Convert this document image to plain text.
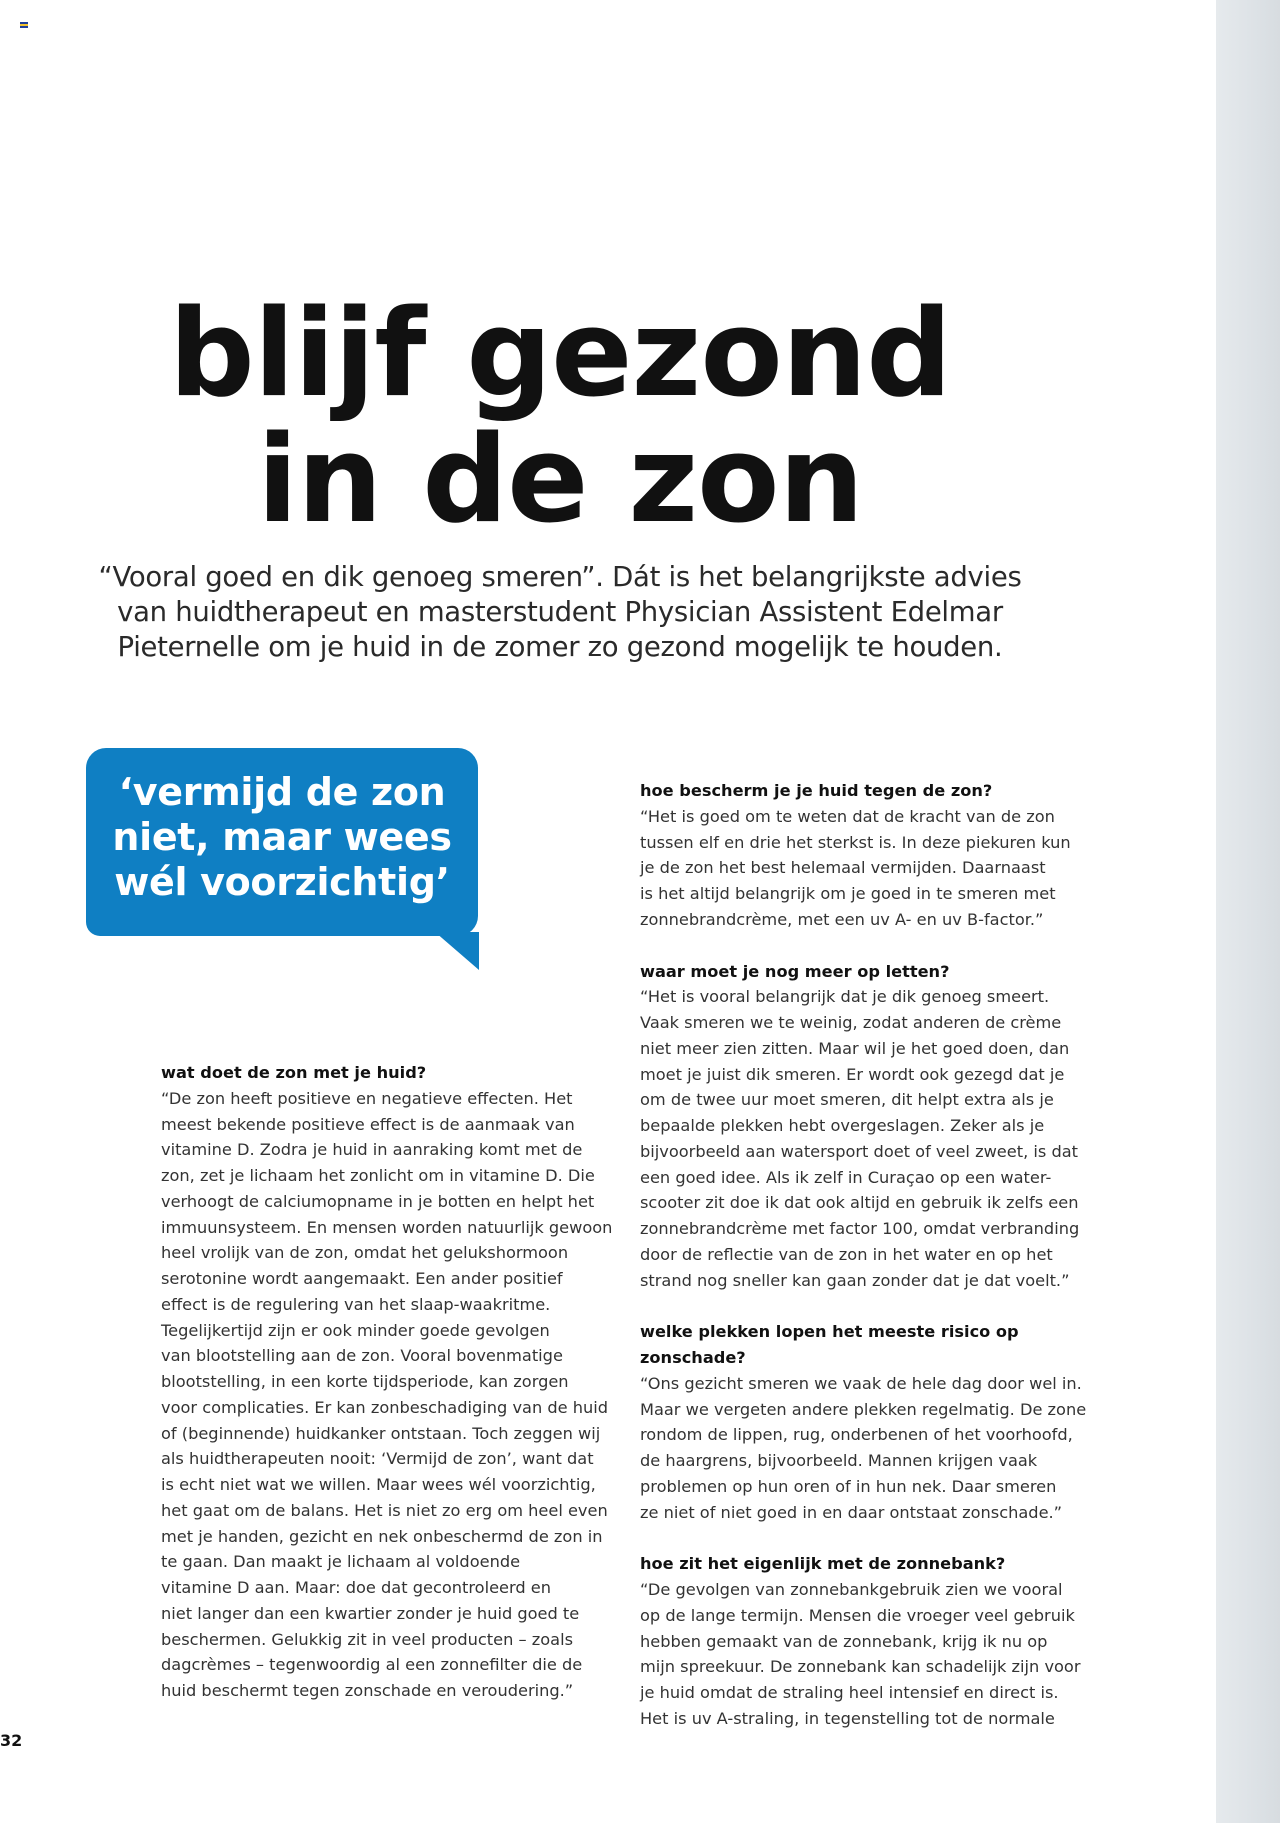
blijf gezond
in de zon

“Vooral goed en dik genoeg smeren”. Dát is het belangrijkste advies
van huidtherapeut en masterstudent Physician Assistent Edelmar
Pieternelle om je huid in de zomer zo gezond mogelijk te houden.

‘vermijd de zon
niet, maar wees
wél voorzichtig’

wat doet de zon met je huid?

“De zon heeft positieve en negatieve effecten. Het
meest bekende positieve effect is de aanmaak van
vitamine D. Zodra je huid in aanraking komt met de
zon, zet je lichaam het zonlicht om in vitamine D. Die
verhoogt de calciumopname in je botten en helpt het
immuunsysteem. En mensen worden natuurlijk gewoon
heel vrolijk van de zon, omdat het gelukshormoon
serotonine wordt aangemaakt. Een ander positief
effect is de regulering van het slaap-waakritme.
Tegelijkertijd zijn er ook minder goede gevolgen
van blootstelling aan de zon. Vooral bovenmatige
blootstelling, in een korte tijdsperiode, kan zorgen
voor complicaties. Er kan zonbeschadiging van de huid
of (beginnende) huidkanker ontstaan. Toch zeggen wij
als huidtherapeuten nooit: ‘Vermijd de zon’, want dat
is echt niet wat we willen. Maar wees wél voorzichtig,
het gaat om de balans. Het is niet zo erg om heel even
met je handen, gezicht en nek onbeschermd de zon in
te gaan. Dan maakt je lichaam al voldoende
vitamine D aan. Maar: doe dat gecontroleerd en
niet langer dan een kwartier zonder je huid goed te
beschermen. Gelukkig zit in veel producten – zoals
dagcrèmes – tegenwoordig al een zonnefilter die de
huid beschermt tegen zonschade en veroudering.”

hoe bescherm je je huid tegen de zon?

“Het is goed om te weten dat de kracht van de zon
tussen elf en drie het sterkst is. In deze piekuren kun
je de zon het best helemaal vermijden. Daarnaast
is het altijd belangrijk om je goed in te smeren met
zonnebrandcrème, met een uv A- en uv B-factor.”

waar moet je nog meer op letten?

“Het is vooral belangrijk dat je dik genoeg smeert.
Vaak smeren we te weinig, zodat anderen de crème
niet meer zien zitten. Maar wil je het goed doen, dan
moet je juist dik smeren. Er wordt ook gezegd dat je
om de twee uur moet smeren, dit helpt extra als je
bepaalde plekken hebt overgeslagen. Zeker als je
bijvoorbeeld aan watersport doet of veel zweet, is dat
een goed idee. Als ik zelf in Curaçao op een water-
scooter zit doe ik dat ook altijd en gebruik ik zelfs een
zonnebrandcrème met factor 100, omdat verbranding
door de reflectie van de zon in het water en op het
strand nog sneller kan gaan zonder dat je dat voelt.”

welke plekken lopen het meeste risico op zonschade?

“Ons gezicht smeren we vaak de hele dag door wel in.
Maar we vergeten andere plekken regelmatig. De zone
rondom de lippen, rug, onderbenen of het voorhoofd,
de haargrens, bijvoorbeeld. Mannen krijgen vaak
problemen op hun oren of in hun nek. Daar smeren
ze niet of niet goed in en daar ontstaat zonschade.”

hoe zit het eigenlijk met de zonnebank?

“De gevolgen van zonnebankgebruik zien we vooral
op de lange termijn. Mensen die vroeger veel gebruik
hebben gemaakt van de zonnebank, krijg ik nu op
mijn spreekuur. De zonnebank kan schadelijk zijn voor
je huid omdat de straling heel intensief en direct is.
Het is uv A-straling, in tegenstelling tot de normale

32
